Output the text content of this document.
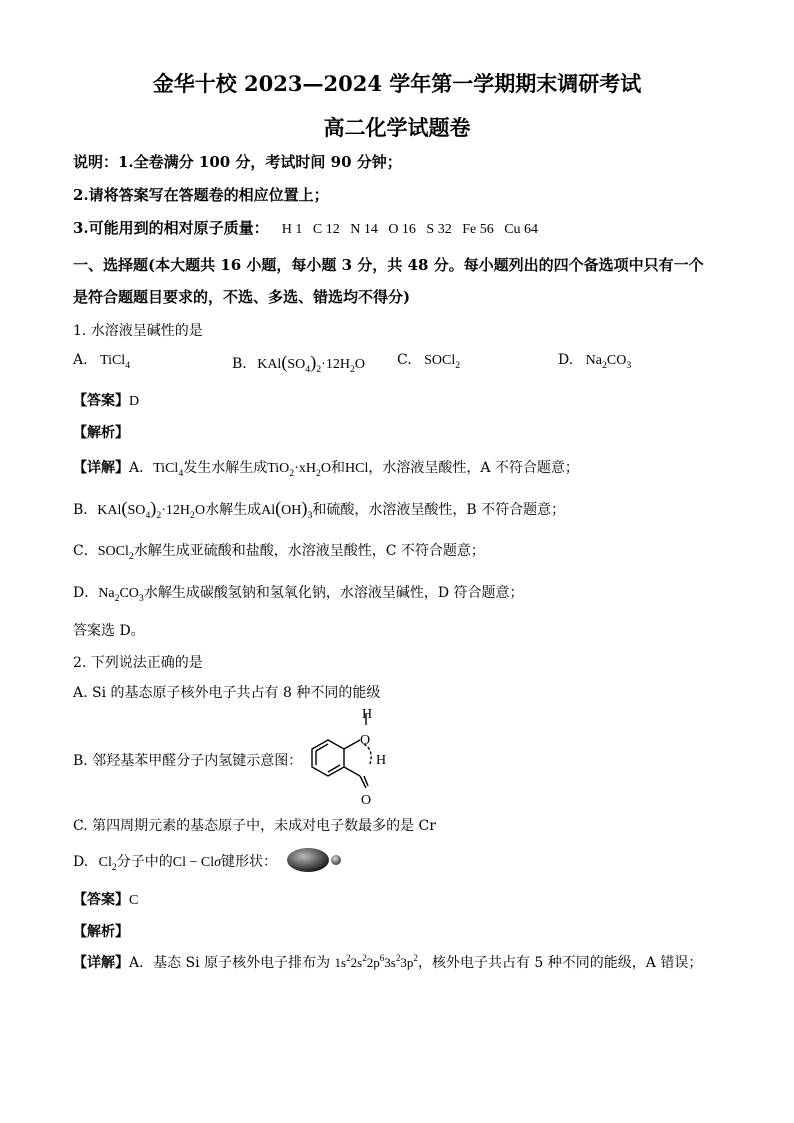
金华十校 2023—2024 学年第一学期期末调研考试
高二化学试题卷
说明：1.全卷满分 100 分，考试时间 90 分钟；
2.请将答案写在答题卷的相应位置上；
3.可能用到的相对原子质量： H 1   C 12   N 14   O 16   S 32   Fe 56   Cu 64
一、选择题(本大题共 16 小题，每小题 3 分，共 48 分。每小题列出的四个备选项中只有一个
是符合题题目要求的，不选、多选、错选均不得分)
1. 水溶液呈碱性的是
A. TiCl$_4$	B. $KAl(SO_4)_2\cdot 12H_2O$ C. SOCl$_2$	D. $Na_2CO_3$
【答案】D
【解析】
【详解】A．TiCl$_4$发生水解生成$TiO_2\cdot xH_2O$和HCl，水溶液呈酸性，A 不符合题意；
B．$KAl(SO_4)_2\cdot 12H_2O$水解生成$Al(OH)_3$和硫酸，水溶液呈酸性，B 不符合题意；
C．SOCl$_2$水解生成亚硫酸和盐酸，水溶液呈酸性，C 不符合题意；
D．$Na_2CO_3$水解生成碳酸氢钠和氢氧化钠，水溶液呈碱性，D 符合题意；
答案选 D。
2. 下列说法正确的是
A. Si 的基态原子核外电子共占有 8 种不同的能级
B. 邻羟基苯甲醛分子内氢键示意图：
H
O
H
O
C. 第四周期元素的基态原子中，未成对电子数最多的是 Cr
D. $Cl_2$分子中的Cl − Clσ键形状：
【答案】C
【解析】
【详解】A．基态 Si 原子核外电子排布为 $1s^22s^22p^63s^23p^2$，核外电子共占有 5 种不同的能级，A 错误；
